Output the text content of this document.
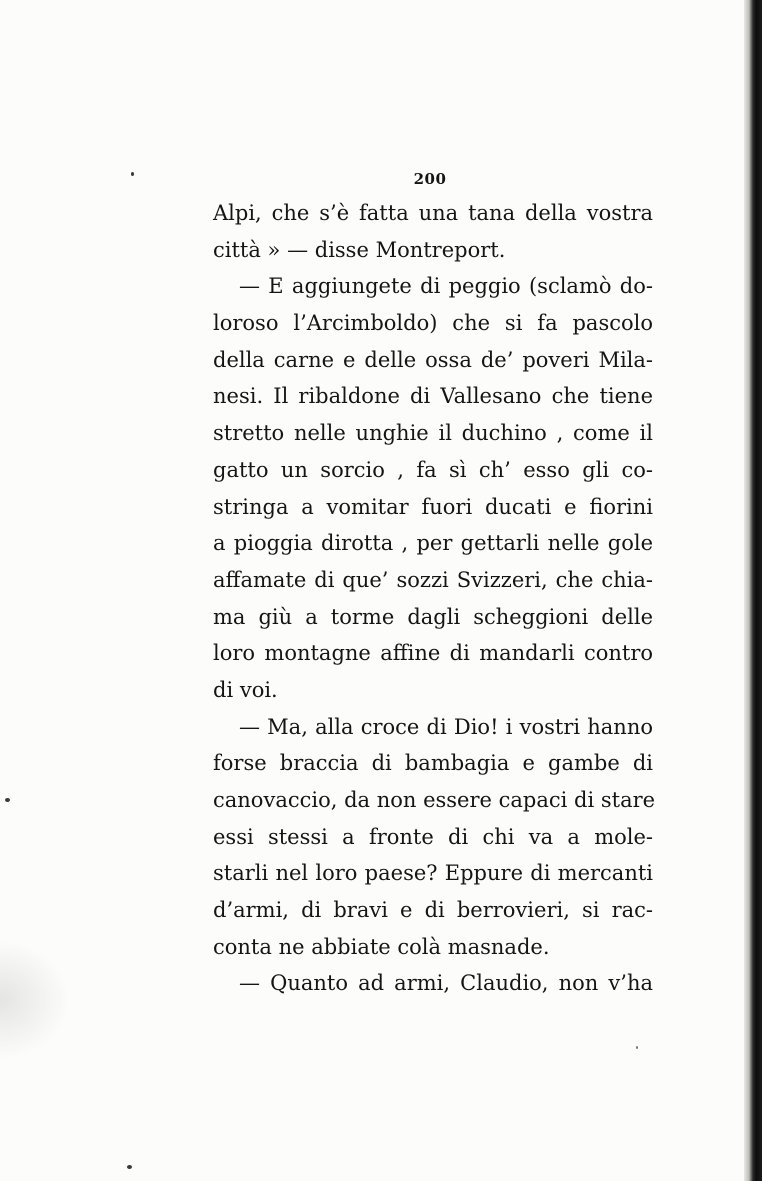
200
Alpi, che s’è fatta una tana della vostra
città » — disse Montreport.
— E aggiungete di peggio (sclamò do-
loroso l’Arcimboldo) che si fa pascolo
della carne e delle ossa de’ poveri Mila-
nesi. Il ribaldone di Vallesano che tiene
stretto nelle unghie il duchino , come il
gatto un sorcio , fa sì ch’ esso gli co-
stringa a vomitar fuori ducati e fiorini
a pioggia dirotta , per gettarli nelle gole
affamate di que’ sozzi Svizzeri, che chia-
ma giù a torme dagli scheggioni delle
loro montagne affine di mandarli contro
di voi.
— Ma, alla croce di Dio! i vostri hanno
forse braccia di bambagia e gambe di
canovaccio, da non essere capaci di stare
essi stessi a fronte di chi va a mole-
starli nel loro paese? Eppure di mercanti
d’armi, di bravi e di berrovieri, si rac-
conta ne abbiate colà masnade.
— Quanto ad armi, Claudio, non v’ha
